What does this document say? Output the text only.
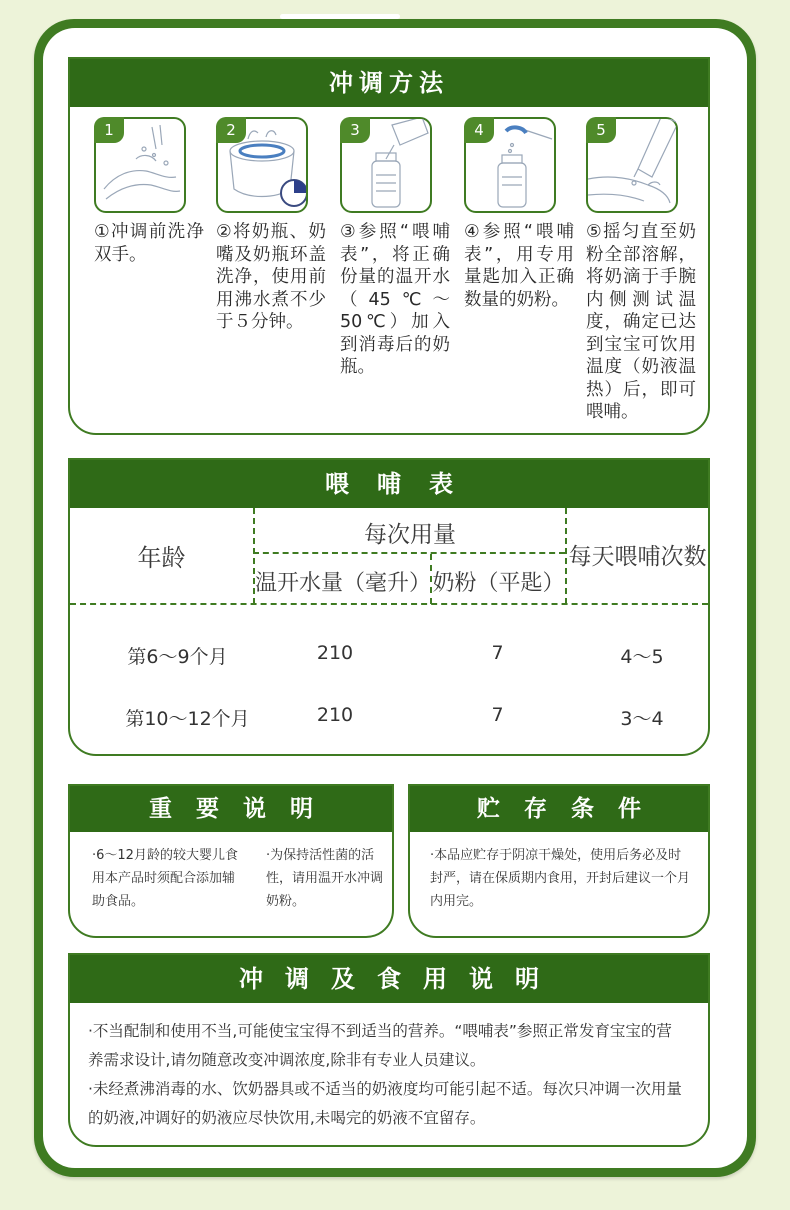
冲调方法
1
①冲调前洗净双手。
2
②将奶瓶、奶嘴及奶瓶环盖洗净，使用前用沸水煮不少于５分钟。
3
③参照“喂哺表”，将正确份量的温开水（45℃～50℃）加入到消毒后的奶瓶。
4
④参照“喂哺表”，用专用量匙加入正确数量的奶粉。
5
⑤摇匀直至奶粉全部溶解，将奶滴于手腕内侧测试温度，确定已达到宝宝可饮用温度（奶液温热）后，即可喂哺。
喂哺表
年龄
每次用量
温开水量（毫升） 奶粉（平匙）
每天喂哺次数
第6～9个月	210	7	4～5
第10～12个月	210	7	3～4
重要说明
·6～12月龄的较大婴儿食
用本产品时须配合添加辅
助食品。
·为保持活性菌的活
性，请用温开水冲调
奶粉。
贮存条件
·本品应贮存于阴凉干燥处，使用后务必及时
封严，请在保质期内食用，开封后建议一个月
内用完。
冲调及食用说明
·不当配制和使用不当,可能使宝宝得不到适当的营养。“喂哺表”参照正常发育宝宝的营
养需求设计,请勿随意改变冲调浓度,除非有专业人员建议。
·未经煮沸消毒的水、饮奶器具或不适当的奶液度均可能引起不适。每次只冲调一次用量
的奶液,冲调好的奶液应尽快饮用,未喝完的奶液不宜留存。
